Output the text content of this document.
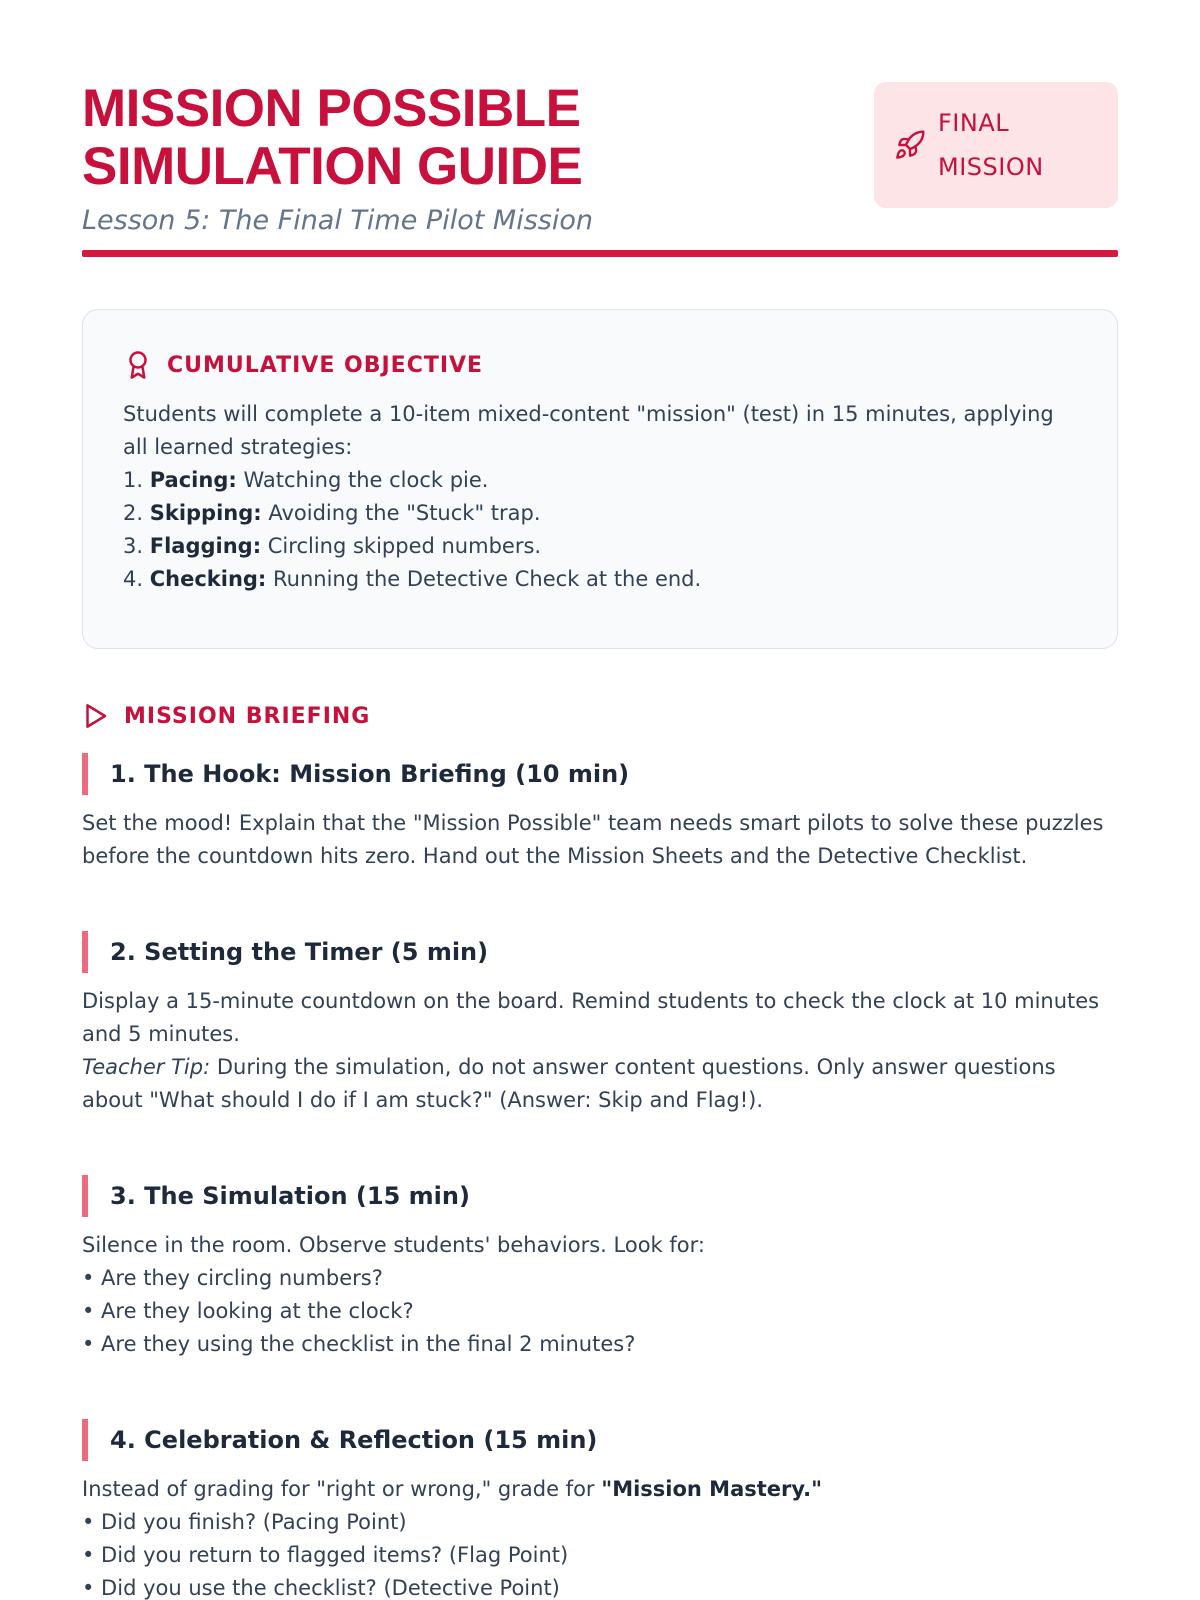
MISSION POSSIBLE
SIMULATION GUIDE
Lesson 5: The Final Time Pilot Mission
FINAL
MISSION
CUMULATIVE OBJECTIVE
Students will complete a 10-item mixed-content "mission" (test) in 15 minutes, applying all learned strategies:
1. Pacing: Watching the clock pie.
2. Skipping: Avoiding the "Stuck" trap.
3. Flagging: Circling skipped numbers.
4. Checking: Running the Detective Check at the end.
MISSION BRIEFING
1. The Hook: Mission Briefing (10 min)
Set the mood! Explain that the "Mission Possible" team needs smart pilots to solve these puzzles before the countdown hits zero. Hand out the Mission Sheets and the Detective Checklist.
2. Setting the Timer (5 min)
Display a 15-minute countdown on the board. Remind students to check the clock at 10 minutes and 5 minutes.
Teacher Tip: During the simulation, do not answer content questions. Only answer questions about "What should I do if I am stuck?" (Answer: Skip and Flag!).
3. The Simulation (15 min)
Silence in the room. Observe students' behaviors. Look for:
• Are they circling numbers?
• Are they looking at the clock?
• Are they using the checklist in the final 2 minutes?
4. Celebration & Reflection (15 min)
Instead of grading for "right or wrong," grade for "Mission Mastery."
• Did you finish? (Pacing Point)
• Did you return to flagged items? (Flag Point)
• Did you use the checklist? (Detective Point)
